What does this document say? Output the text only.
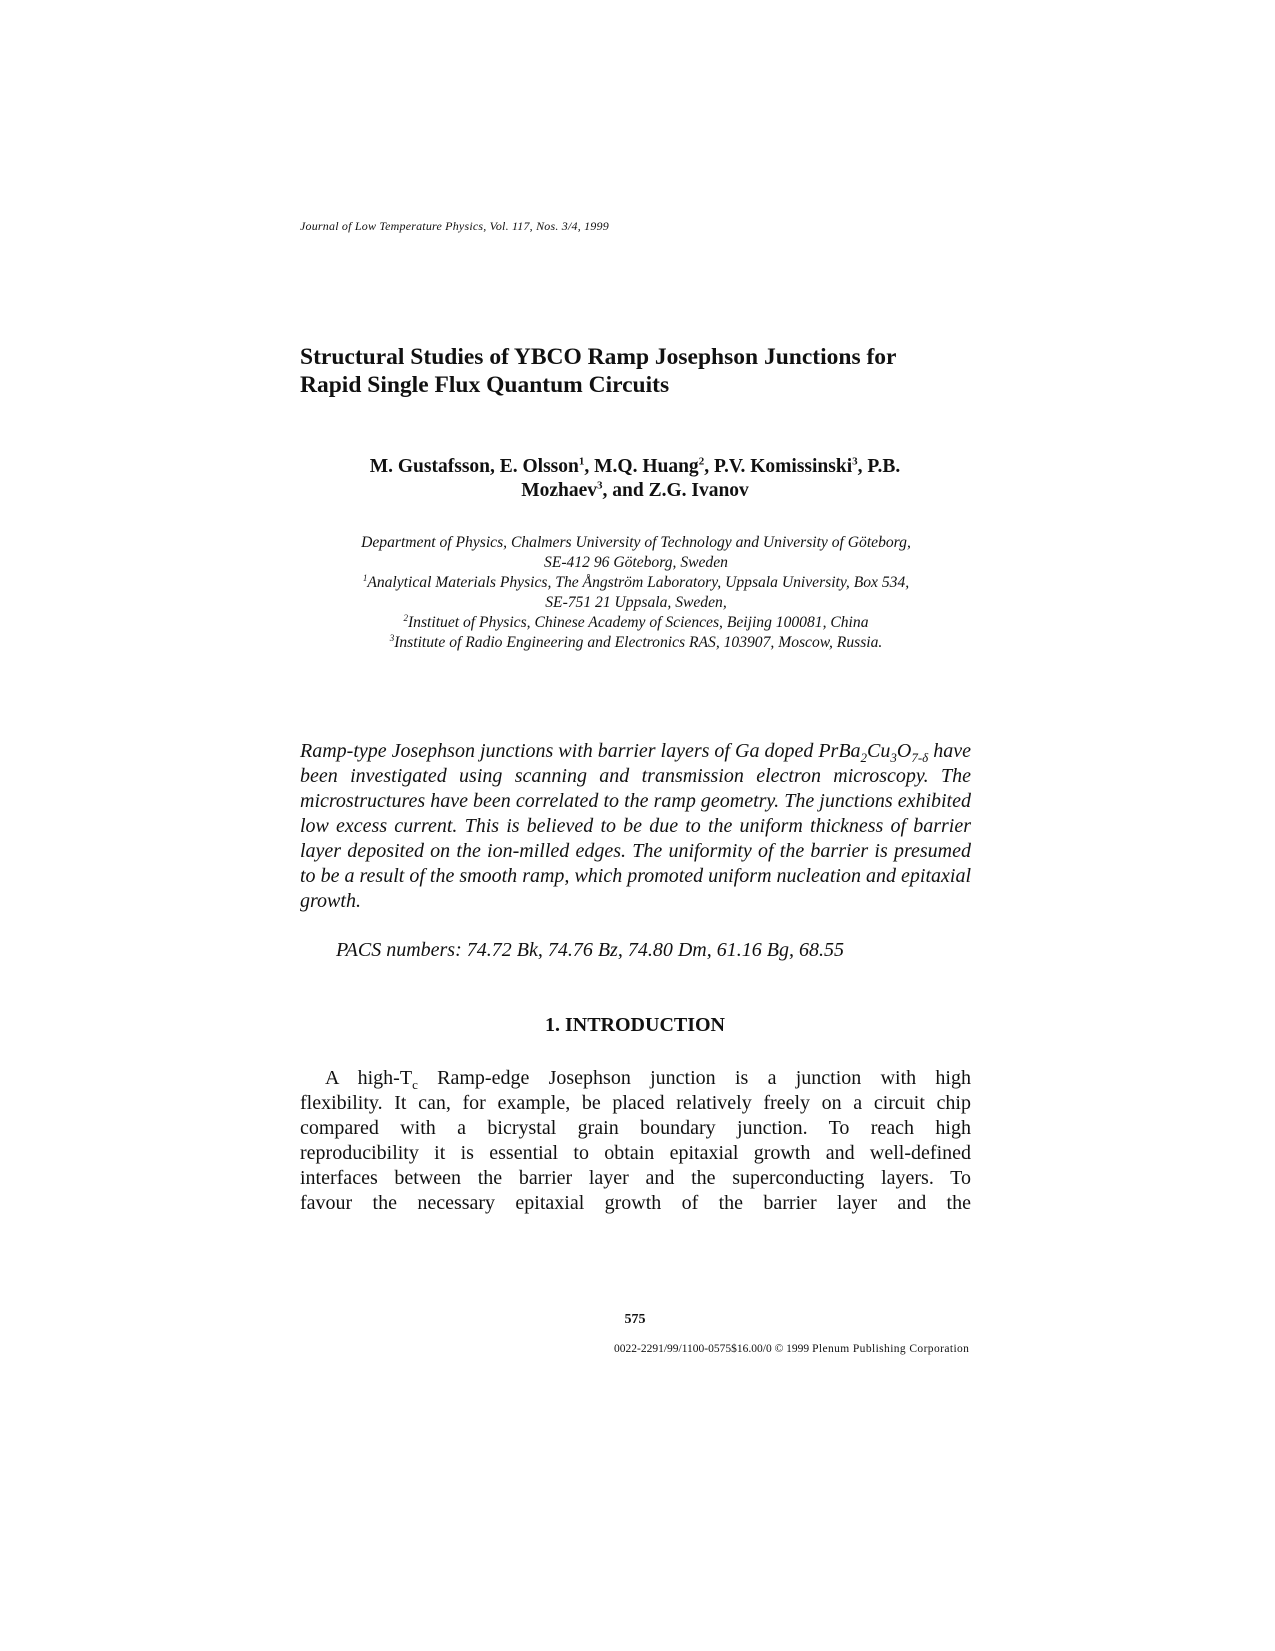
Journal of Low Temperature Physics, Vol. 117, Nos. 3/4, 1999
Structural Studies of YBCO Ramp Josephson Junctions for
Rapid Single Flux Quantum Circuits
M. Gustafsson, E. Olsson$^1$, M.Q. Huang$^2$, P.V. Komissinski$^3$, P.B.
Mozhaev$^3$, and Z.G. Ivanov
Department of Physics, Chalmers University of Technology and University of Göteborg,
SE-412 96 Göteborg, Sweden
$^1$Analytical Materials Physics, The Ångström Laboratory, Uppsala University, Box 534,
SE-751 21 Uppsala, Sweden,
$^2$Instituet of Physics, Chinese Academy of Sciences, Beijing 100081, China
$^3$Institute of Radio Engineering and Electronics RAS, 103907, Moscow, Russia.
Ramp-type Josephson junctions with barrier layers of Ga doped $PrBa_2Cu_3O_{7-\delta}$ have been investigated using scanning and transmission electron microscopy. The microstructures have been correlated to the ramp geometry. The junctions exhibited low excess current. This is believed to be due to the uniform thickness of barrier layer deposited on the ion-milled edges. The uniformity of the barrier is presumed to be a result of the smooth ramp, which promoted uniform nucleation and epitaxial growth.
PACS numbers: 74.72 Bk, 74.76 Bz, 74.80 Dm, 61.16 Bg, 68.55
1. INTRODUCTION
A high-$T_c$ Ramp-edge Josephson junction is a junction with high
flexibility. It can, for example, be placed relatively freely on a circuit chip
compared with a bicrystal grain boundary junction. To reach high
reproducibility it is essential to obtain epitaxial growth and well-defined
interfaces between the barrier layer and the superconducting layers. To
favour the necessary epitaxial growth of the barrier layer and the
575
0022-2291/99/1100-0575$16.00/0 © 1999 Plenum Publishing Corporation
